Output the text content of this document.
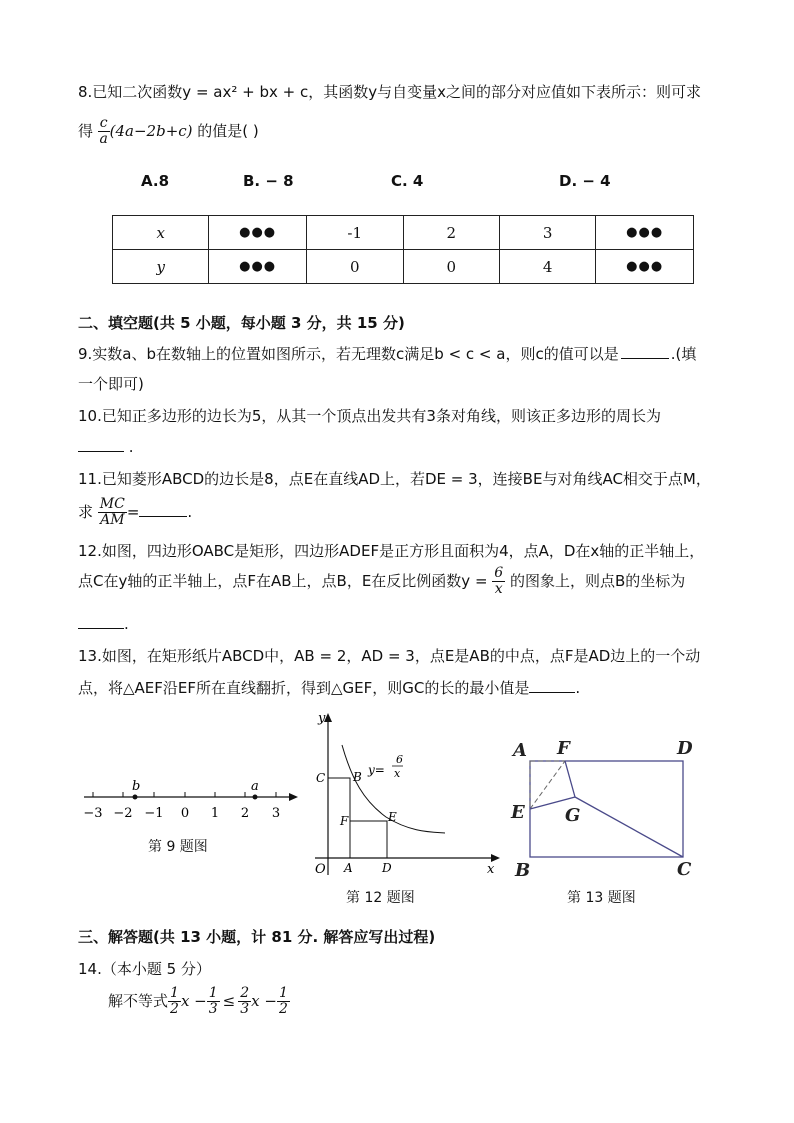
8.已知二次函数y = ax² + bx + c，其函数y与自变量x之间的部分对应值如下表所示：则可求
得 $\frac{c}{a} (4a-2b+c)$ 的值是( )
A.8	B. − 8	C. 4	D. − 4
x	●●●	-1	2	3	●●●
y	●●●	0	0	4	●●●
二、填空题(共 5 小题，每小题 3 分，共 15 分)
9.实数a、b在数轴上的位置如图所示，若无理数c满足b < c < a，则c的值可以是	.(填
一个即可)
10.已知正多边形的边长为5，从其一个顶点出发共有3条对角线，则该正多边形的周长为
.
11.已知菱形ABCD的边长是8，点E在直线AD上，若DE = 3，连接BE与对角线AC相交于点M，
求 $\frac{MC}{AM}$ =	.
12.如图，四边形OABC是矩形，四边形ADEF是正方形且面积为4，点A，D在x轴的正半轴上，
点C在y轴的正半轴上，点F在AB上，点B，E在反比例函数$y = \frac{6}{x}$ 的图象上，则点B的坐标为
.
13.如图，在矩形纸片ABCD中，AB = 2，AD = 3，点E是AB的中点，点F是AD边上的一个动
点，将△AEF沿EF所在直线翻折，得到△GEF，则GC的长的最小值是	.
b	a
−3 −2 −1 0 1 2 3
第 9 题图
y
x
O
C B
F	E
A D
y=
6
x
第 12 题图
A F	D
E G
B	C
第 13 题图
三、解答题(共 13 小题，计 81 分. 解答应写出过程)
14.（本小题 5 分）
解不等式 $\frac{1}{2}$ $x - \frac{1}{3} \le \frac{2}{3}$ $x - \frac{1}{2}$
